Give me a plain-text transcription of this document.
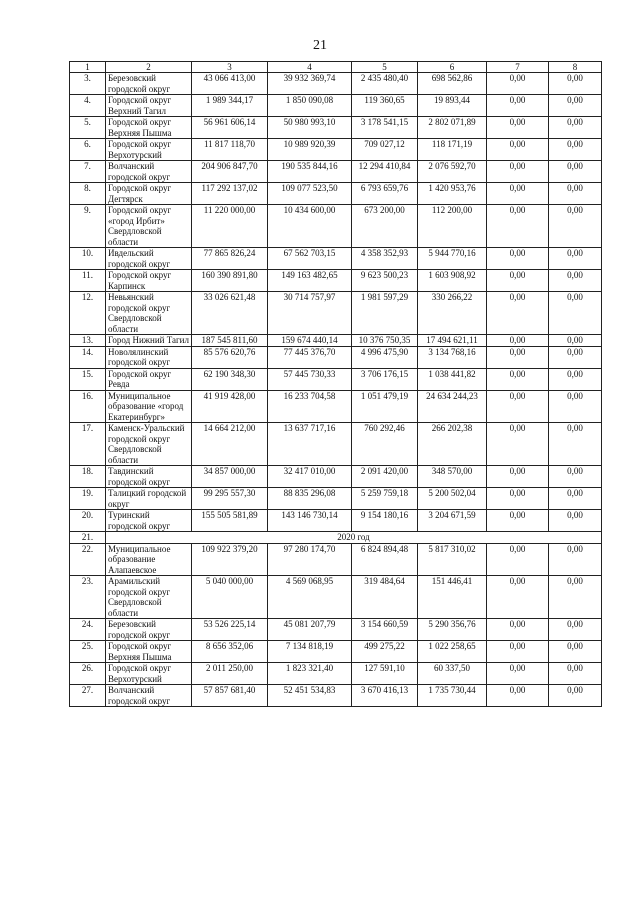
21
1	2	3	4	5	6	7	8
3.	Березовский городской округ	43 066 413,00	39 932 369,74	2 435 480,40	698 562,86	0,00	0,00
4.	Городской округ Верхний Тагил	1 989 344,17	1 850 090,08	119 360,65	19 893,44	0,00	0,00
5.	Городской округ Верхняя Пышма	56 961 606,14	50 980 993,10	3 178 541,15	2 802 071,89	0,00	0,00
6.	Городской округ Верхотурский	11 817 118,70	10 989 920,39	709 027,12	118 171,19	0,00	0,00
7.	Волчанский городской округ	204 906 847,70	190 535 844,16	12 294 410,84	2 076 592,70	0,00	0,00
8.	Городской округ Дегтярск	117 292 137,02	109 077 523,50	6 793 659,76	1 420 953,76	0,00	0,00
9.	Городской округ «город Ирбит» Свердловской области	11 220 000,00	10 434 600,00	673 200,00	112 200,00	0,00	0,00
10.	Ивдельский городской округ	77 865 826,24	67 562 703,15	4 358 352,93	5 944 770,16	0,00	0,00
11.	Городской округ Карпинск	160 390 891,80	149 163 482,65	9 623 500,23	1 603 908,92	0,00	0,00
12.	Невьянский городской округ Свердловской области	33 026 621,48	30 714 757,97	1 981 597,29	330 266,22	0,00	0,00
13.	Город Нижний Тагил	187 545 811,60	159 674 440,14	10 376 750,35	17 494 621,11	0,00	0,00
14.	Новолялинский городской округ	85 576 620,76	77 445 376,70	4 996 475,90	3 134 768,16	0,00	0,00
15.	Городской округ Ревда	62 190 348,30	57 445 730,33	3 706 176,15	1 038 441,82	0,00	0,00
16.	Муниципальное образование «город Екатеринбург»	41 919 428,00	16 233 704,58	1 051 479,19	24 634 244,23	0,00	0,00
17.	Каменск-Уральский городской округ Свердловской области	14 664 212,00	13 637 717,16	760 292,46	266 202,38	0,00	0,00
18.	Тавдинский городской округ	34 857 000,00	32 417 010,00	2 091 420,00	348 570,00	0,00	0,00
19.	Талицкий городской округ	99 295 557,30	88 835 296,08	5 259 759,18	5 200 502,04	0,00	0,00
20.	Туринский городской округ	155 505 581,89	143 146 730,14	9 154 180,16	3 204 671,59	0,00	0,00
21.	2020 год						
22.	Муниципальное образование Алапаевское	109 922 379,20	97 280 174,70	6 824 894,48	5 817 310,02	0,00	0,00
23.	Арамильский городской округ Свердловской области	5 040 000,00	4 569 068,95	319 484,64	151 446,41	0,00	0,00
24.	Березовский городской округ	53 526 225,14	45 081 207,79	3 154 660,59	5 290 356,76	0,00	0,00
25.	Городской округ Верхняя Пышма	8 656 352,06	7 134 818,19	499 275,22	1 022 258,65	0,00	0,00
26.	Городской округ Верхотурский	2 011 250,00	1 823 321,40	127 591,10	60 337,50	0,00	0,00
27.	Волчанский городской округ	57 857 681,40	52 451 534,83	3 670 416,13	1 735 730,44	0,00	0,00
